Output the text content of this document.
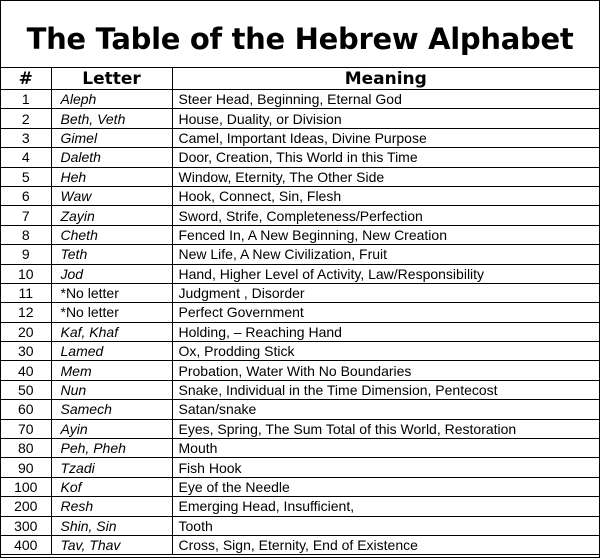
The Table of the Hebrew Alphabet
#	Letter	Meaning
1	Aleph	Steer Head, Beginning, Eternal God
2	Beth, Veth	House, Duality, or Division
3	Gimel	Camel, Important Ideas, Divine Purpose
4	Daleth	Door, Creation, This World in this Time
5	Heh	Window, Eternity, The Other Side
6	Waw	Hook, Connect, Sin, Flesh
7	Zayin	Sword, Strife, Completeness/Perfection
8	Cheth	Fenced In, A New Beginning, New Creation
9	Teth	New Life, A New Civilization, Fruit
10	Jod	Hand, Higher Level of Activity, Law/Responsibility
11	*No letter	Judgment , Disorder
12	*No letter	Perfect Government
20	Kaf, Khaf	Holding, – Reaching Hand
30	Lamed	Ox, Prodding Stick
40	Mem	Probation, Water With No Boundaries
50	Nun	Snake, Individual in the Time Dimension, Pentecost
60	Samech	Satan/snake
70	Ayin	Eyes, Spring, The Sum Total of this World, Restoration
80	Peh, Pheh	Mouth
90	Tzadi	Fish Hook
100	Kof	Eye of the Needle
200	Resh	Emerging Head, Insufficient,
300	Shin, Sin	Tooth
400	Tav, Thav	Cross, Sign, Eternity, End of Existence
